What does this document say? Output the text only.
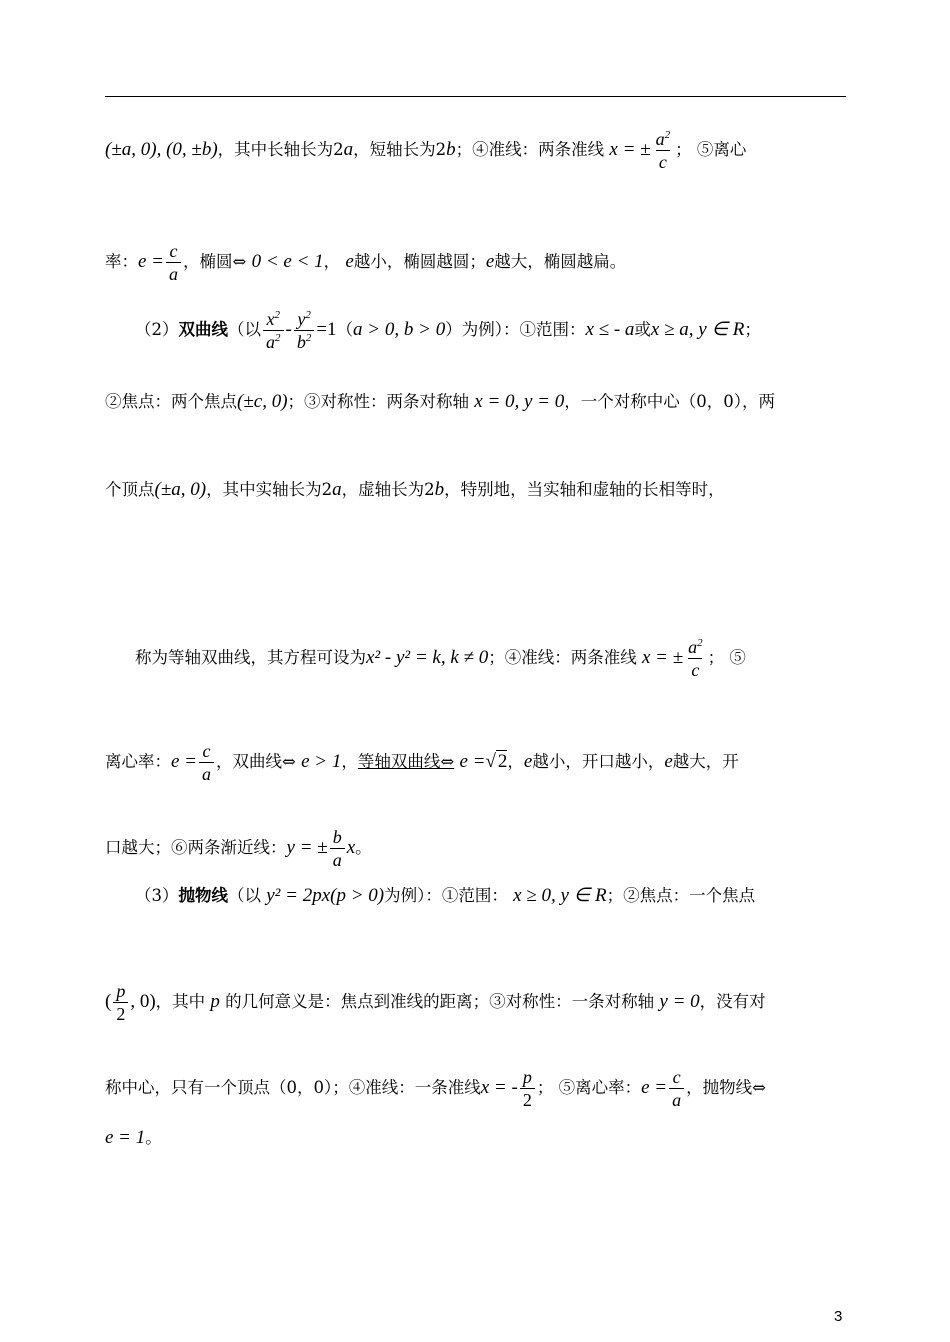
(±a, 0), (0, ±b)，其中长轴长为2a，短轴长为2b；④准线：两条准线 x = ± $\frac{a^2}{c}$ ； ⑤离心
率：$e = \frac{c}{a}$ ，椭圆⇔ 0 < e < 1， e越小，椭圆越圆；e越大，椭圆越扁。
（2）双曲线（以 $\frac{x^2}{a^2} - \frac{y^2}{b^2} =1(a > 0$, b > 0）为例）：①范围：x ≤ - a或x ≥ a, y ∈ R；
②焦点：两个焦点(±c, 0)；③对称性：两条对称轴 x = 0, y = 0，一个对称中心（0，0），两
个顶点(±a, 0)，其中实轴长为2a，虚轴长为2b，特别地，当实轴和虚轴的长相等时，
称为等轴双曲线，其方程可设为x² - y² = k, k ≠ 0；④准线：两条准线 x = ± $\frac{a^2}{c}$ ； ⑤
离心率：$e = \frac{c}{a}$ ，双曲线⇔ e > 1，等轴双曲线⇔ e =√ 2，e越小，开口越小，e越大，开
口越大；⑥两条渐近线：y = ± $\frac{b}{a}$ x。
（3）抛物线（以 y² = 2px(p > 0)为例）：①范围： x ≥ 0, y ∈ R；②焦点：一个焦点
( $\frac{p}{2}$ , 0)，其中 p 的几何意义是：焦点到准线的距离；③对称性：一条对称轴 y = 0，没有对
称中心，只有一个顶点（0，0）；④准线：一条准线x = - $\frac{p}{2}$ ； ⑤离心率：$e = \frac{c}{a}$ ，抛物线⇔
e = 1。
3
